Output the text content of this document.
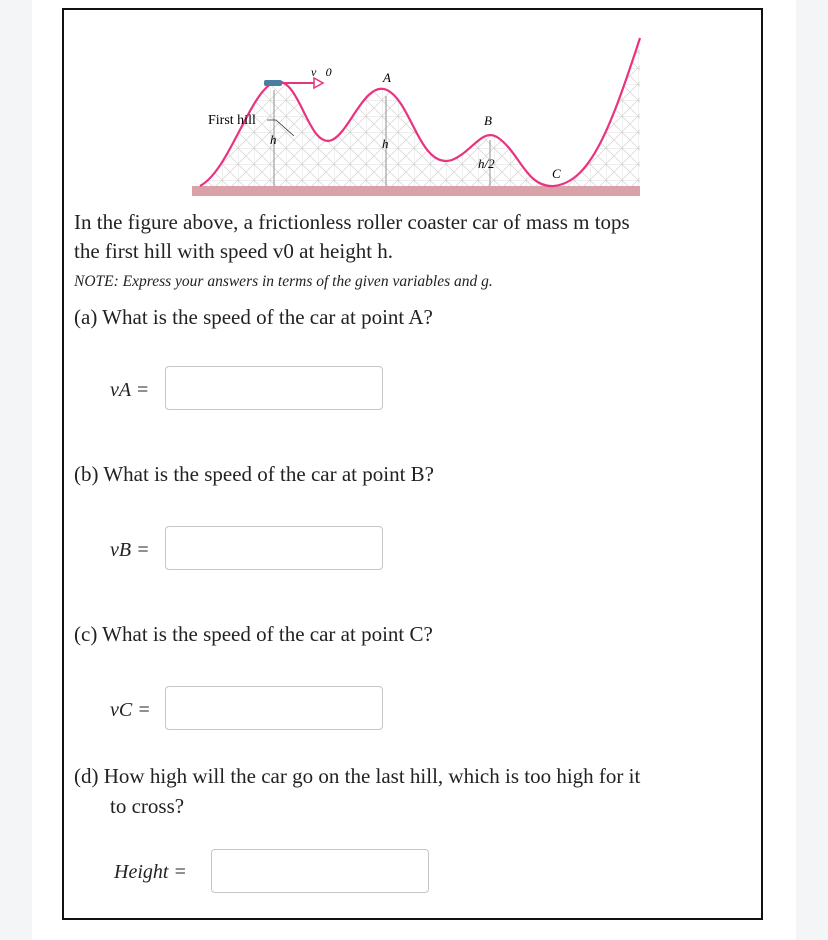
First hill
v⃗0	A
B
C
h	h
h/2
In the figure above, a frictionless roller coaster car of mass m tops
the first hill with speed v0 at height h.
NOTE: Express your answers in terms of the given variables and g.
(a) What is the speed of the car at point A?
vA =
(b) What is the speed of the car at point B?
vB =
(c) What is the speed of the car at point C?
vC =
(d) How high will the car go on the last hill, which is too high for it
to cross?
Height =
